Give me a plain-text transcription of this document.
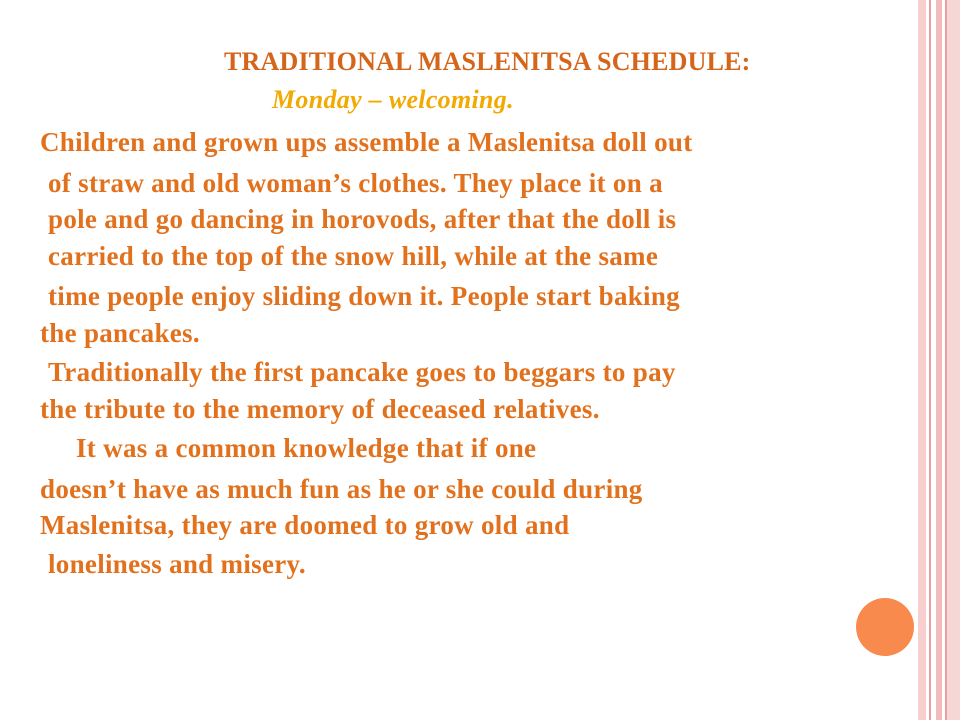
TRADITIONAL MASLENITSA SCHEDULE:
Monday – welcoming.
Children and grown ups assemble a Maslenitsa doll out
of straw and old woman’s clothes. They place it on a
pole and go dancing in horovods, after that the doll is
carried to the top of the snow hill, while at the same
time people enjoy sliding down it. People start baking
the pancakes.
Traditionally the first pancake goes to beggars to pay
the tribute to the memory of deceased relatives.
It was a common knowledge that if one
doesn’t have as much fun as he or she could during
Maslenitsa, they are doomed to grow old and
loneliness and misery.
